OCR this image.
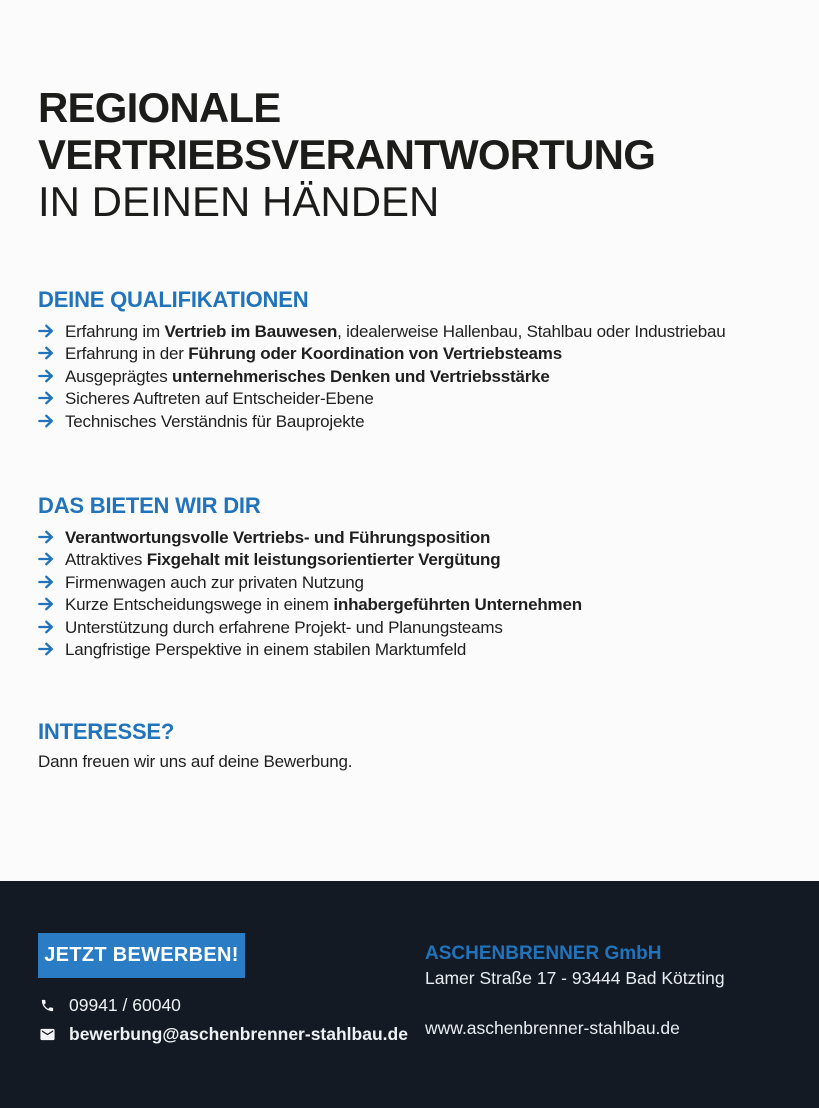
REGIONALE
VERTRIEBSVERANTWORTUNG
IN DEINEN HÄNDEN
DEINE QUALIFIKATIONEN
Erfahrung im Vertrieb im Bauwesen, idealerweise Hallenbau, Stahlbau oder Industriebau
Erfahrung in der Führung oder Koordination von Vertriebsteams
Ausgeprägtes unternehmerisches Denken und Vertriebsstärke
Sicheres Auftreten auf Entscheider-Ebene
Technisches Verständnis für Bauprojekte
DAS BIETEN WIR DIR
Verantwortungsvolle Vertriebs- und Führungsposition
Attraktives Fixgehalt mit leistungsorientierter Vergütung
Firmenwagen auch zur privaten Nutzung
Kurze Entscheidungswege in einem inhabergeführten Unternehmen
Unterstützung durch erfahrene Projekt- und Planungsteams
Langfristige Perspektive in einem stabilen Marktumfeld
INTERESSE?

Dann freuen wir uns auf deine Bewerbung.

JETZT BEWERBEN!
09941 / 60040
bewerbung@aschenbrenner-stahlbau.de
ASCHENBRENNER GmbH
Lamer Straße 17 - 93444 Bad Kötzting
www.aschenbrenner-stahlbau.de
